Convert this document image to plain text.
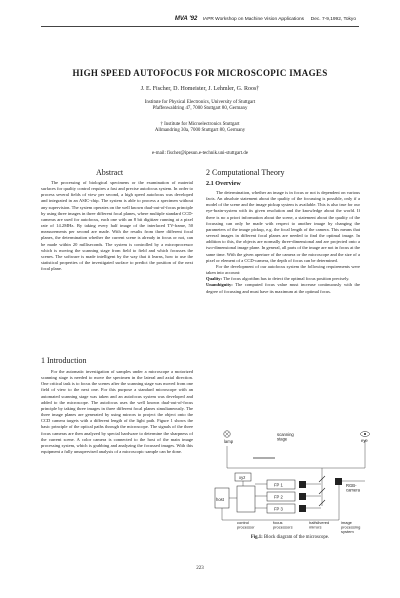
MVA '92 IAPR Workshop on Machine Vision Applications Dec. 7-9,1992, Tokyo
HIGH SPEED AUTOFOCUS FOR MICROSCOPIC IMAGES
J. E. Fischer, D. Homeister, J. Lehmler, G. Roos†
Institute for Physical Electronics, University of Stuttgart
Pfaffenwaldring 47, 7000 Stuttgart 80, Germany
† Institute for Microelectronics Stuttgart
Allmandring 30a, 7000 Stuttgart 80, Germany
e-mail: fischer@ipesun.e-technik.uni-stuttgart.de
Abstract

The processing of biological specimens or the examination of material surfaces for quality control requires a fast and precise autofocus system. In order to process several fields of view per second, a high speed autofocus was developed and integrated in an ASIC-chip. The system is able to process a specimen without any supervision. The system operates on the well known dual-out-of-focus principle by using three images in three different focal planes, where multiple standard CCD-cameras are used for autofocus, each one with an 8 bit digitizer running at a pixel rate of 14.2MHz. By taking every half image of the interlaced TV-frame, 50 measurements per second are made. With the results from three different focal planes, the determination whether the current scene is already in focus or not, can be made within 20 milliseconds. The system is controlled by a microprocessor which is moving the scanning stage from field to field and which focusses the scenes. The software is made intelligent by the way that it learns, how to use the statistical properties of the investigated surface to predict the position of the next focal plane.

1 Introduction

For the automatic investigation of samples under a microscope a motorized scanning stage is needed to move the specimen in the lateral and axial direction. One critical task is to focus the scenes after the scanning stage was moved from one field of view to the next one. For this purpose a standard microscope with an automated scanning stage was taken and an autofocus system was developed and added to the microscope. The autofocus uses the well known dual-out-of-focus principle by taking three images in three different focal planes simultaneously. The three image planes are generated by using mirrors to project the object onto the CCD camera targets with a different length of the light path. Figure 1 shows the basic principle of the optical paths through the microscope. The signals of the three focus cameras are then analyzed by special hardware to determine the sharpness of the current scene. A color camera is connected to the host of the main image processing system, which is grabbing and analyzing the focussed images. With this equipment a fully unsupervised analysis of a microscopic sample can be done.

2 Computational Theory
2.1 Overview

The determination, whether an image is in focus or not is dependent on various facts. An absolute statement about the quality of the focussing is possible, only if a model of the scene and the image pickup system is available. This is also true for our eye-brain-system with its given resolution and the knowledge about the world. If there is no a priori information about the scene, a statement about the quality of the focussing can only be made with respect to another image by changing the parameters of the image pickup, e.g. the focal length of the camera. This means that several images in different focal planes are needed to find the optimal image. In addition to this, the objects are normally three-dimensional and are projected onto a two-dimensional image plane. In general, all parts of the image are not in focus at the same time. With the given aperture of the camera or the microscope and the size of a pixel or element of a CCD-camera, the depth of focus can be determined.

For the development of our autofocus system the following requirements were taken into account:

Quality: The focus algorithm has to detect the optimal focus position precisely.

Unambiguity: The computed focus value must increase continuously with the degree of focussing and must have its maximum at the optimal focus.

lamp	eye
scanning stage
xyz
host
FP 1
FP 2
FP 3
RGB- camera
control processor
focus processors
halfsilvered mirrors
image processing system
Fig.1: Block diagram of the microscope.
223
